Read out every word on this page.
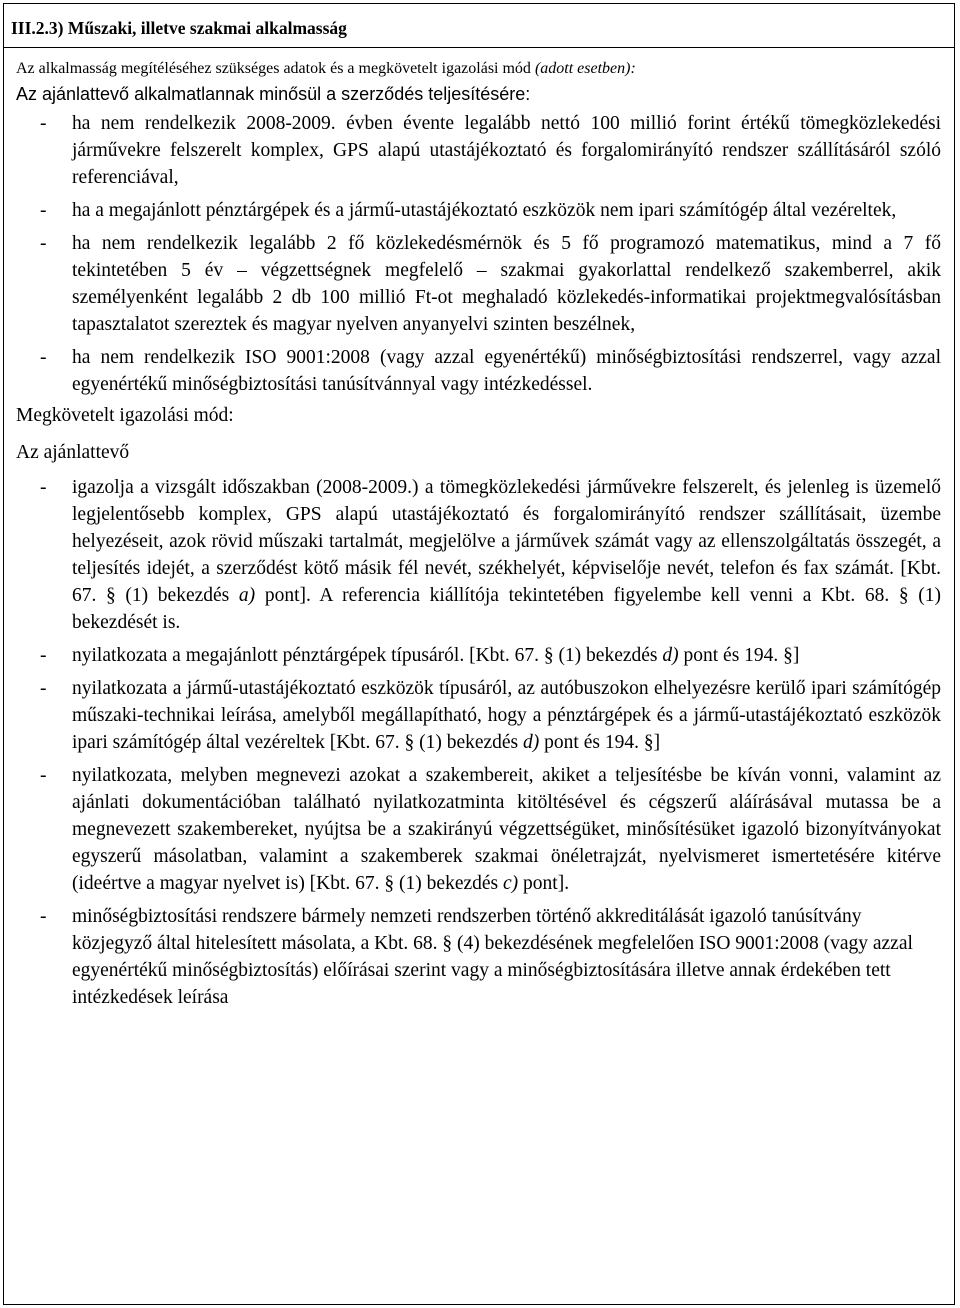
III.2.3) Műszaki, illetve szakmai alkalmasság

Az alkalmasság megítéléséhez szükséges adatok és a megkövetelt igazolási mód (adott esetben):

Az ajánlattevő alkalmatlannak minősül a szerződés teljesítésére:

- ha nem rendelkezik 2008-2009. évben évente legalább nettó 100 millió forint értékű tömegközlekedési járművekre felszerelt komplex, GPS alapú utastájékoztató és forgalomirányító rendszer szállításáról szóló referenciával,
- ha a megajánlott pénztárgépek és a jármű-utastájékoztató eszközök nem ipari számítógép által vezéreltek,
- ha nem rendelkezik legalább 2 fő közlekedésmérnök és 5 fő programozó matematikus, mind a 7 fő tekintetében 5 év – végzettségnek megfelelő – szakmai gyakorlattal rendelkező szakemberrel, akik személyenként legalább 2 db 100 millió Ft-ot meghaladó közlekedés-informatikai projektmegvalósításban tapasztalatot szereztek és magyar nyelven anyanyelvi szinten beszélnek,
- ha nem rendelkezik ISO 9001:2008 (vagy azzal egyenértékű) minőségbiztosítási rendszerrel, vagy azzal egyenértékű minőségbiztosítási tanúsítvánnyal vagy intézkedéssel.

Megkövetelt igazolási mód:

Az ajánlattevő

- igazolja a vizsgált időszakban (2008-2009.) a tömegközlekedési járművekre felszerelt, és jelenleg is üzemelő legjelentősebb komplex, GPS alapú utastájékoztató és forgalomirányító rendszer szállításait, üzembe helyezéseit, azok rövid műszaki tartalmát, megjelölve a járművek számát vagy az ellenszolgáltatás összegét, a teljesítés idejét, a szerződést kötő másik fél nevét, székhelyét, képviselője nevét, telefon és fax számát. [Kbt. 67. § (1) bekezdés a) pont]. A referencia kiállítója tekintetében figyelembe kell venni a Kbt. 68. § (1) bekezdését is.
- nyilatkozata a megajánlott pénztárgépek típusáról. [Kbt. 67. § (1) bekezdés d) pont és 194. §]
- nyilatkozata a jármű-utastájékoztató eszközök típusáról, az autóbuszokon elhelyezésre kerülő ipari számítógép műszaki-technikai leírása, amelyből megállapítható, hogy a pénztárgépek és a jármű-utastájékoztató eszközök ipari számítógép által vezéreltek [Kbt. 67. § (1) bekezdés d) pont és 194. §]
- nyilatkozata, melyben megnevezi azokat a szakembereit, akiket a teljesítésbe be kíván vonni, valamint az ajánlati dokumentációban található nyilatkozatminta kitöltésével és cégszerű aláírásával mutassa be a megnevezett szakembereket, nyújtsa be a szakirányú végzettségüket, minősítésüket igazoló bizonyítványokat egyszerű másolatban, valamint a szakemberek szakmai önéletrajzát, nyelvismeret ismertetésére kitérve (ideértve a magyar nyelvet is) [Kbt. 67. § (1) bekezdés c) pont].
- minőségbiztosítási rendszere bármely nemzeti rendszerben történő akkreditálását igazoló tanúsítvány közjegyző által hitelesített másolata, a Kbt. 68. § (4) bekezdésének megfelelően ISO 9001:2008 (vagy azzal egyenértékű minőségbiztosítás) előírásai szerint vagy a minőségbiztosítására illetve annak érdekében tett intézkedések leírása
